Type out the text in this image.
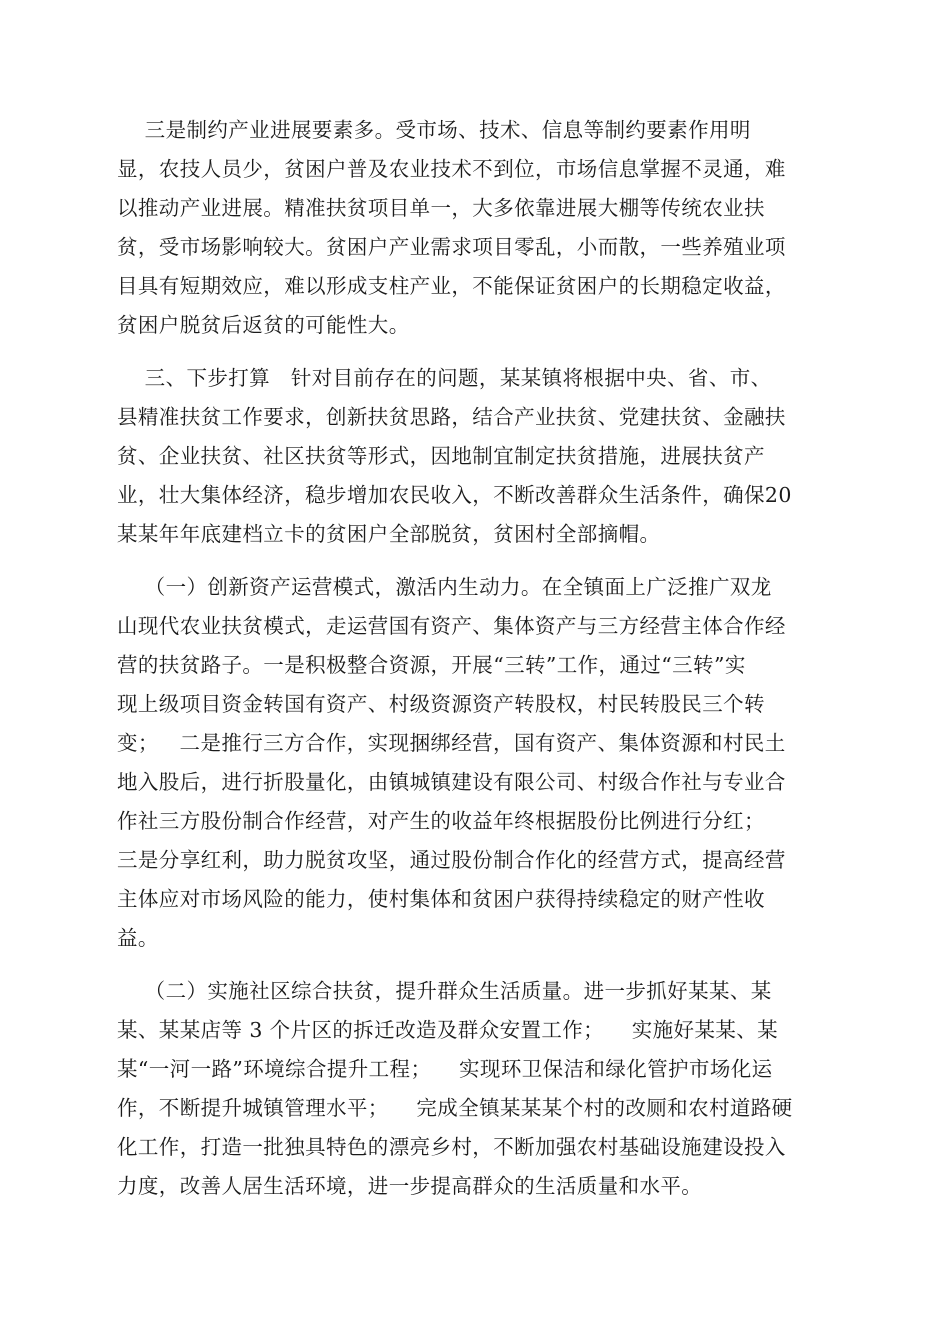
三是制约产业进展要素多。受市场、技术、信息等制约要素作用明
显，农技人员少，贫困户普及农业技术不到位，市场信息掌握不灵通，难
以推动产业进展。精准扶贫项目单一，大多依靠进展大棚等传统农业扶
贫，受市场影响较大。贫困户产业需求项目零乱，小而散，一些养殖业项
目具有短期效应，难以形成支柱产业，不能保证贫困户的长期稳定收益，
贫困户脱贫后返贫的可能性大。
三、下步打算   针对目前存在的问题，某某镇将根据中央、省、市、
县精准扶贫工作要求，创新扶贫思路，结合产业扶贫、党建扶贫、金融扶
贫、企业扶贫、社区扶贫等形式，因地制宜制定扶贫措施，进展扶贫产
业，壮大集体经济，稳步增加农民收入，不断改善群众生活条件，确保20
某某年年底建档立卡的贫困户全部脱贫，贫困村全部摘帽。
（一）创新资产运营模式，激活内生动力。在全镇面上广泛推广双龙
山现代农业扶贫模式，走运营国有资产、集体资产与三方经营主体合作经
营的扶贫路子。一是积极整合资源，开展“三转”工作，通过“三转”实
现上级项目资金转国有资产、村级资源资产转股权，村民转股民三个转
变；   二是推行三方合作，实现捆绑经营，国有资产、集体资源和村民土
地入股后，进行折股量化，由镇城镇建设有限公司、村级合作社与专业合
作社三方股份制合作经营，对产生的收益年终根据股份比例进行分红；
三是分享红利，助力脱贫攻坚，通过股份制合作化的经营方式，提高经营
主体应对市场风险的能力，使村集体和贫困户获得持续稳定的财产性收
益。
（二）实施社区综合扶贫，提升群众生活质量。进一步抓好某某、某
某、某某店等 3 个片区的拆迁改造及群众安置工作；    实施好某某、某
某“一河一路”环境综合提升工程；    实现环卫保洁和绿化管护市场化运
作，不断提升城镇管理水平；    完成全镇某某某个村的改厕和农村道路硬
化工作，打造一批独具特色的漂亮乡村，不断加强农村基础设施建设投入
力度，改善人居生活环境，进一步提高群众的生活质量和水平。
